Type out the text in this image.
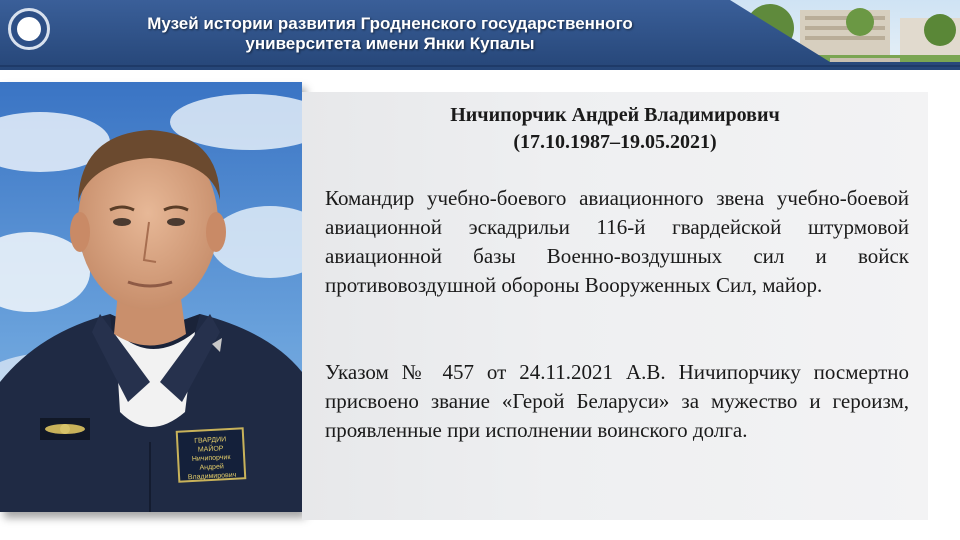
Музей истории развития Гродненского государственного
университета имени Янки Купалы
ГВАРДИИ
МАЙОР
Ничипорчик
Андрей
Владимирович
Ничипорчик Андрей Владимирович
(17.10.1987–19.05.2021)
Командир учебно-боевого авиационного звена учебно-боевой авиационной эскадрильи 116-й гвардейской штурмовой авиационной базы Военно-воздушных сил и войск противовоздушной обороны Вооруженных Сил, майор.
Указом № 457 от 24.11.2021 А.В. Ничипорчику посмертно присвоено звание «Герой Беларуси» за мужество и героизм, проявленные при исполнении воинского долга.
